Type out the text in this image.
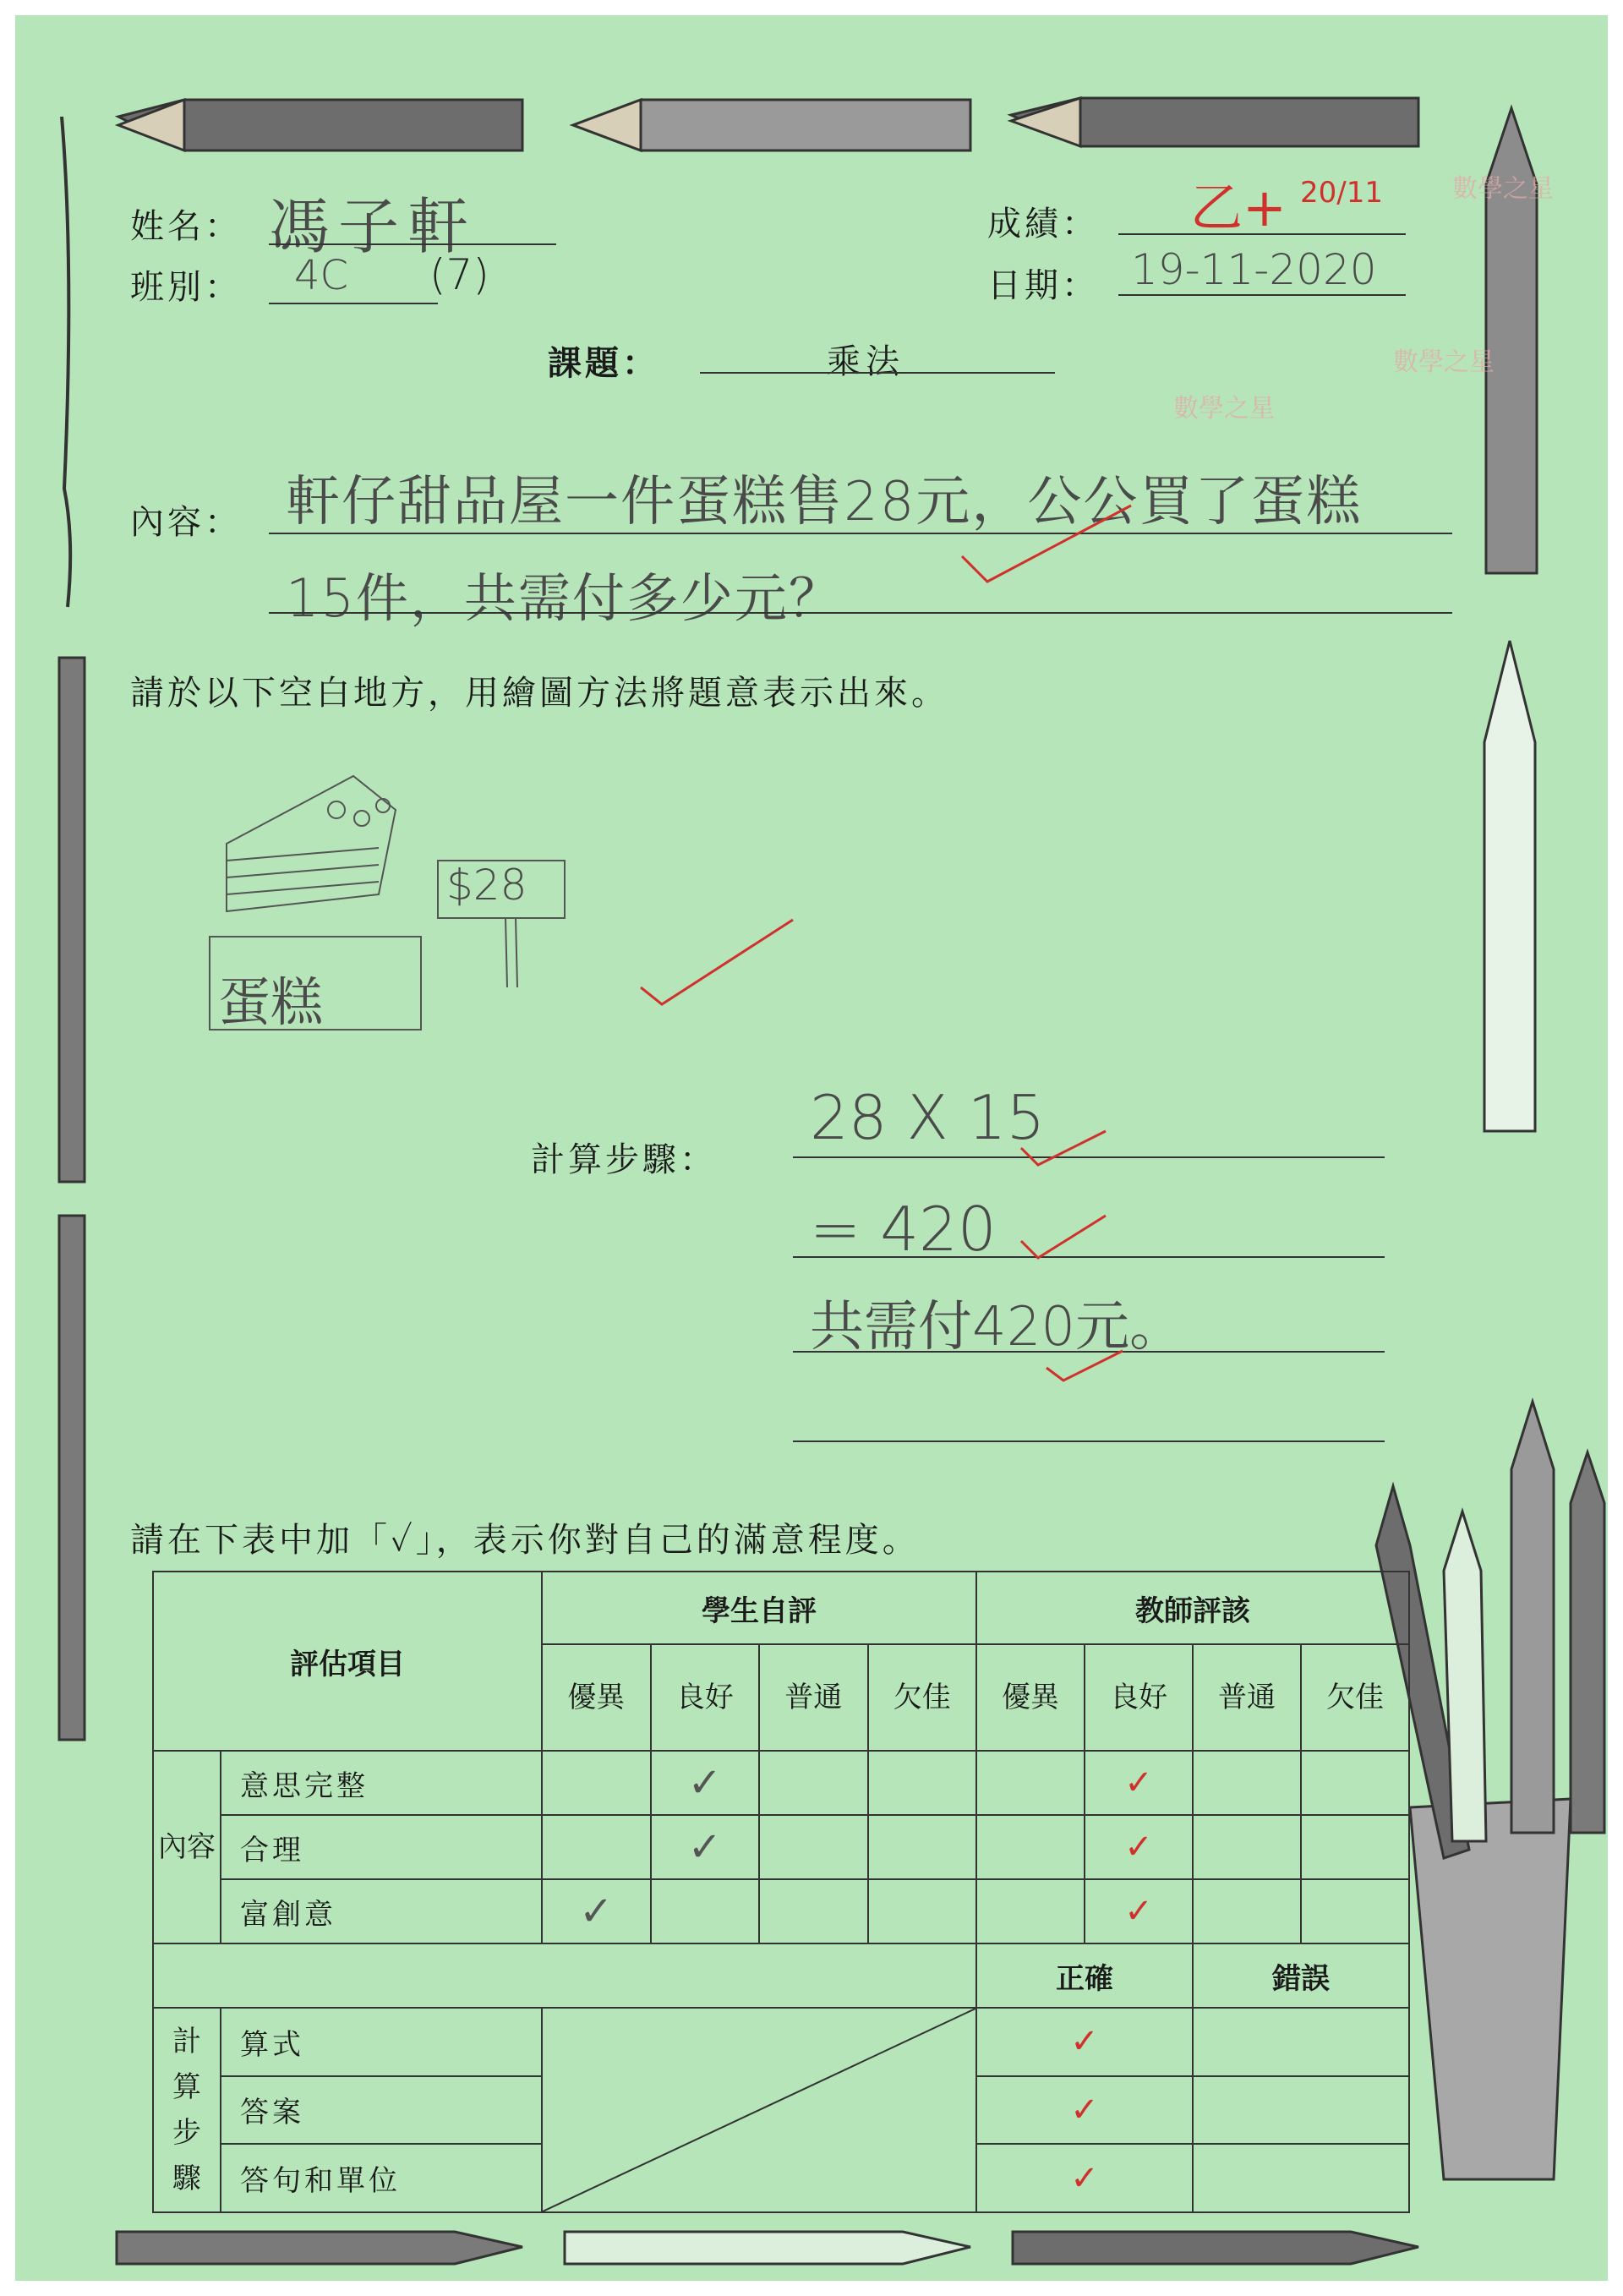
數學之星
數學之星
數學之星
姓名： 馮子軒
班別： 4C (7)
成績： 乙+ 20/11
日期： 19-11-2020
課題：	乘法
內容： 軒仔甜品屋一件蛋糕售28元，公公買了蛋糕
15件，共需付多少元？
請於以下空白地方，用繪圖方法將題意表示出來。
蛋糕
$28
計算步驟：
28 X 15
= 420
共需付420元。
請在下表中加「✓」，表示你對自己的滿意程度。
評估項目		學生自評				教師評該			
		優異	良好	普通	欠佳	優異	良好	普通	欠佳
內容	意思完整		✓				✓		
	合理		✓				✓		
	富創意	✓					✓		
						正確		錯誤	
計算步驟	算式					✓			
	答案					✓			
	答句和單位					✓			
